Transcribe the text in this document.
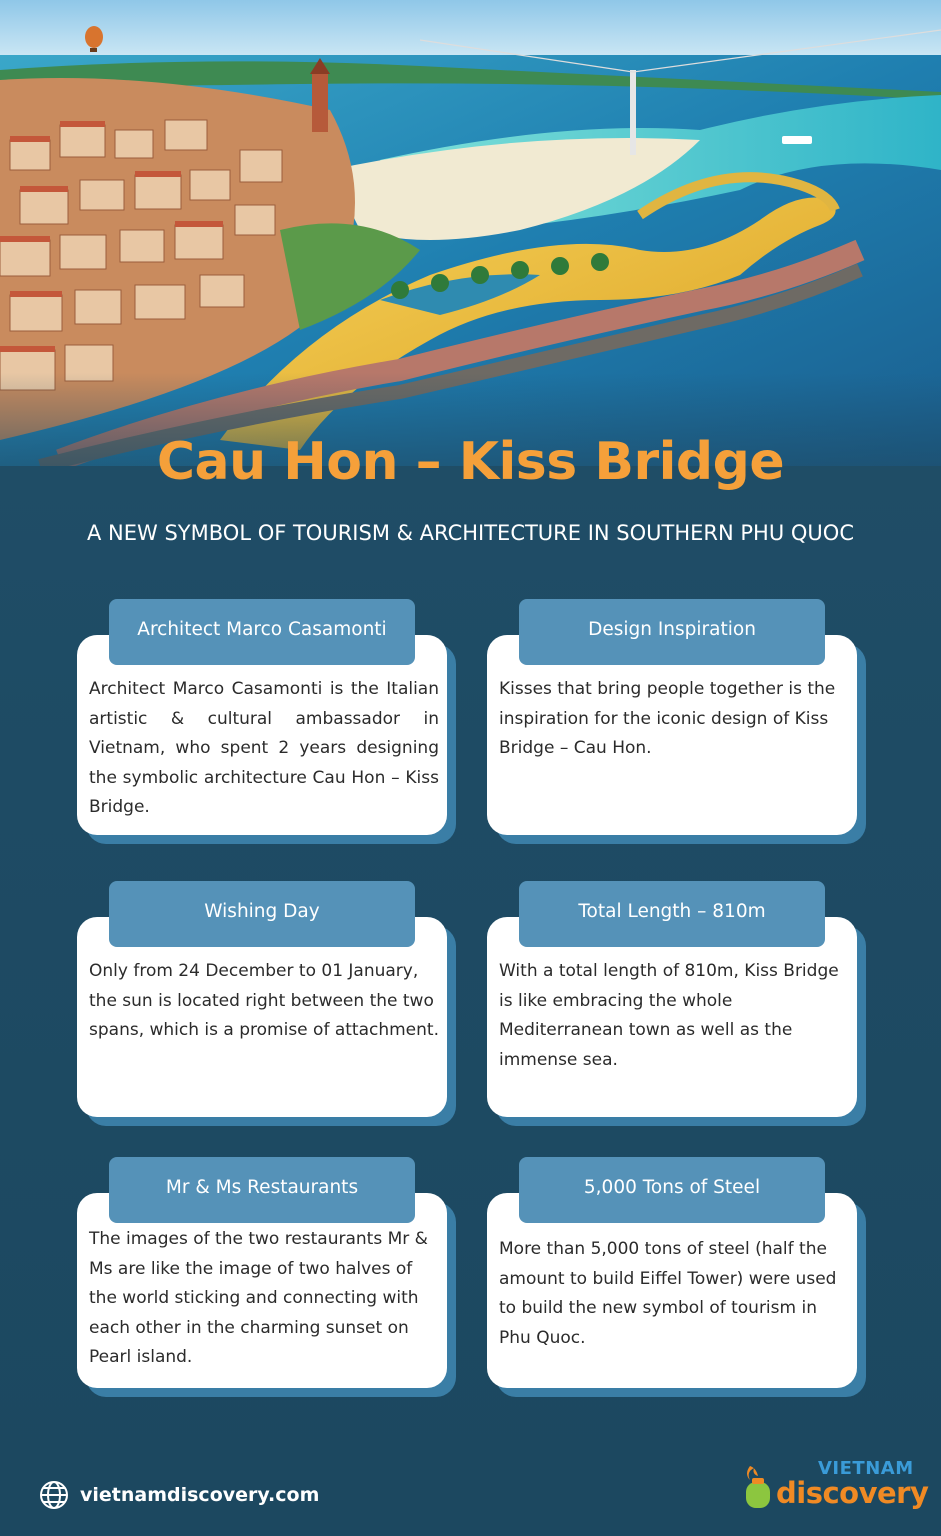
Cau Hon – Kiss Bridge
A NEW SYMBOL OF TOURISM & ARCHITECTURE IN SOUTHERN PHU QUOC
Architect Marco Casamonti
Architect Marco Casamonti is the Italian artistic & cultural ambassador in Vietnam, who spent 2 years designing the symbolic architecture Cau Hon – Kiss Bridge.
Design Inspiration
Kisses that bring people together is the inspiration for the iconic design of Kiss Bridge – Cau Hon.
Wishing Day
Only from 24 December to 01 January, the sun is located right between the two spans, which is a promise of attachment.
Total Length – 810m
With a total length of 810m, Kiss Bridge is like embracing the whole Mediterranean town as well as the immense sea.
Mr & Ms Restaurants
The images of the two restaurants Mr & Ms are like the image of two halves of the world sticking and connecting with each other in the charming sunset on Pearl island.
5,000 Tons of Steel
More than 5,000 tons of steel (half the amount to build Eiffel Tower) were used to build the new symbol of tourism in Phu Quoc.
vietnamdiscovery.com
VIETNAM
discovery
